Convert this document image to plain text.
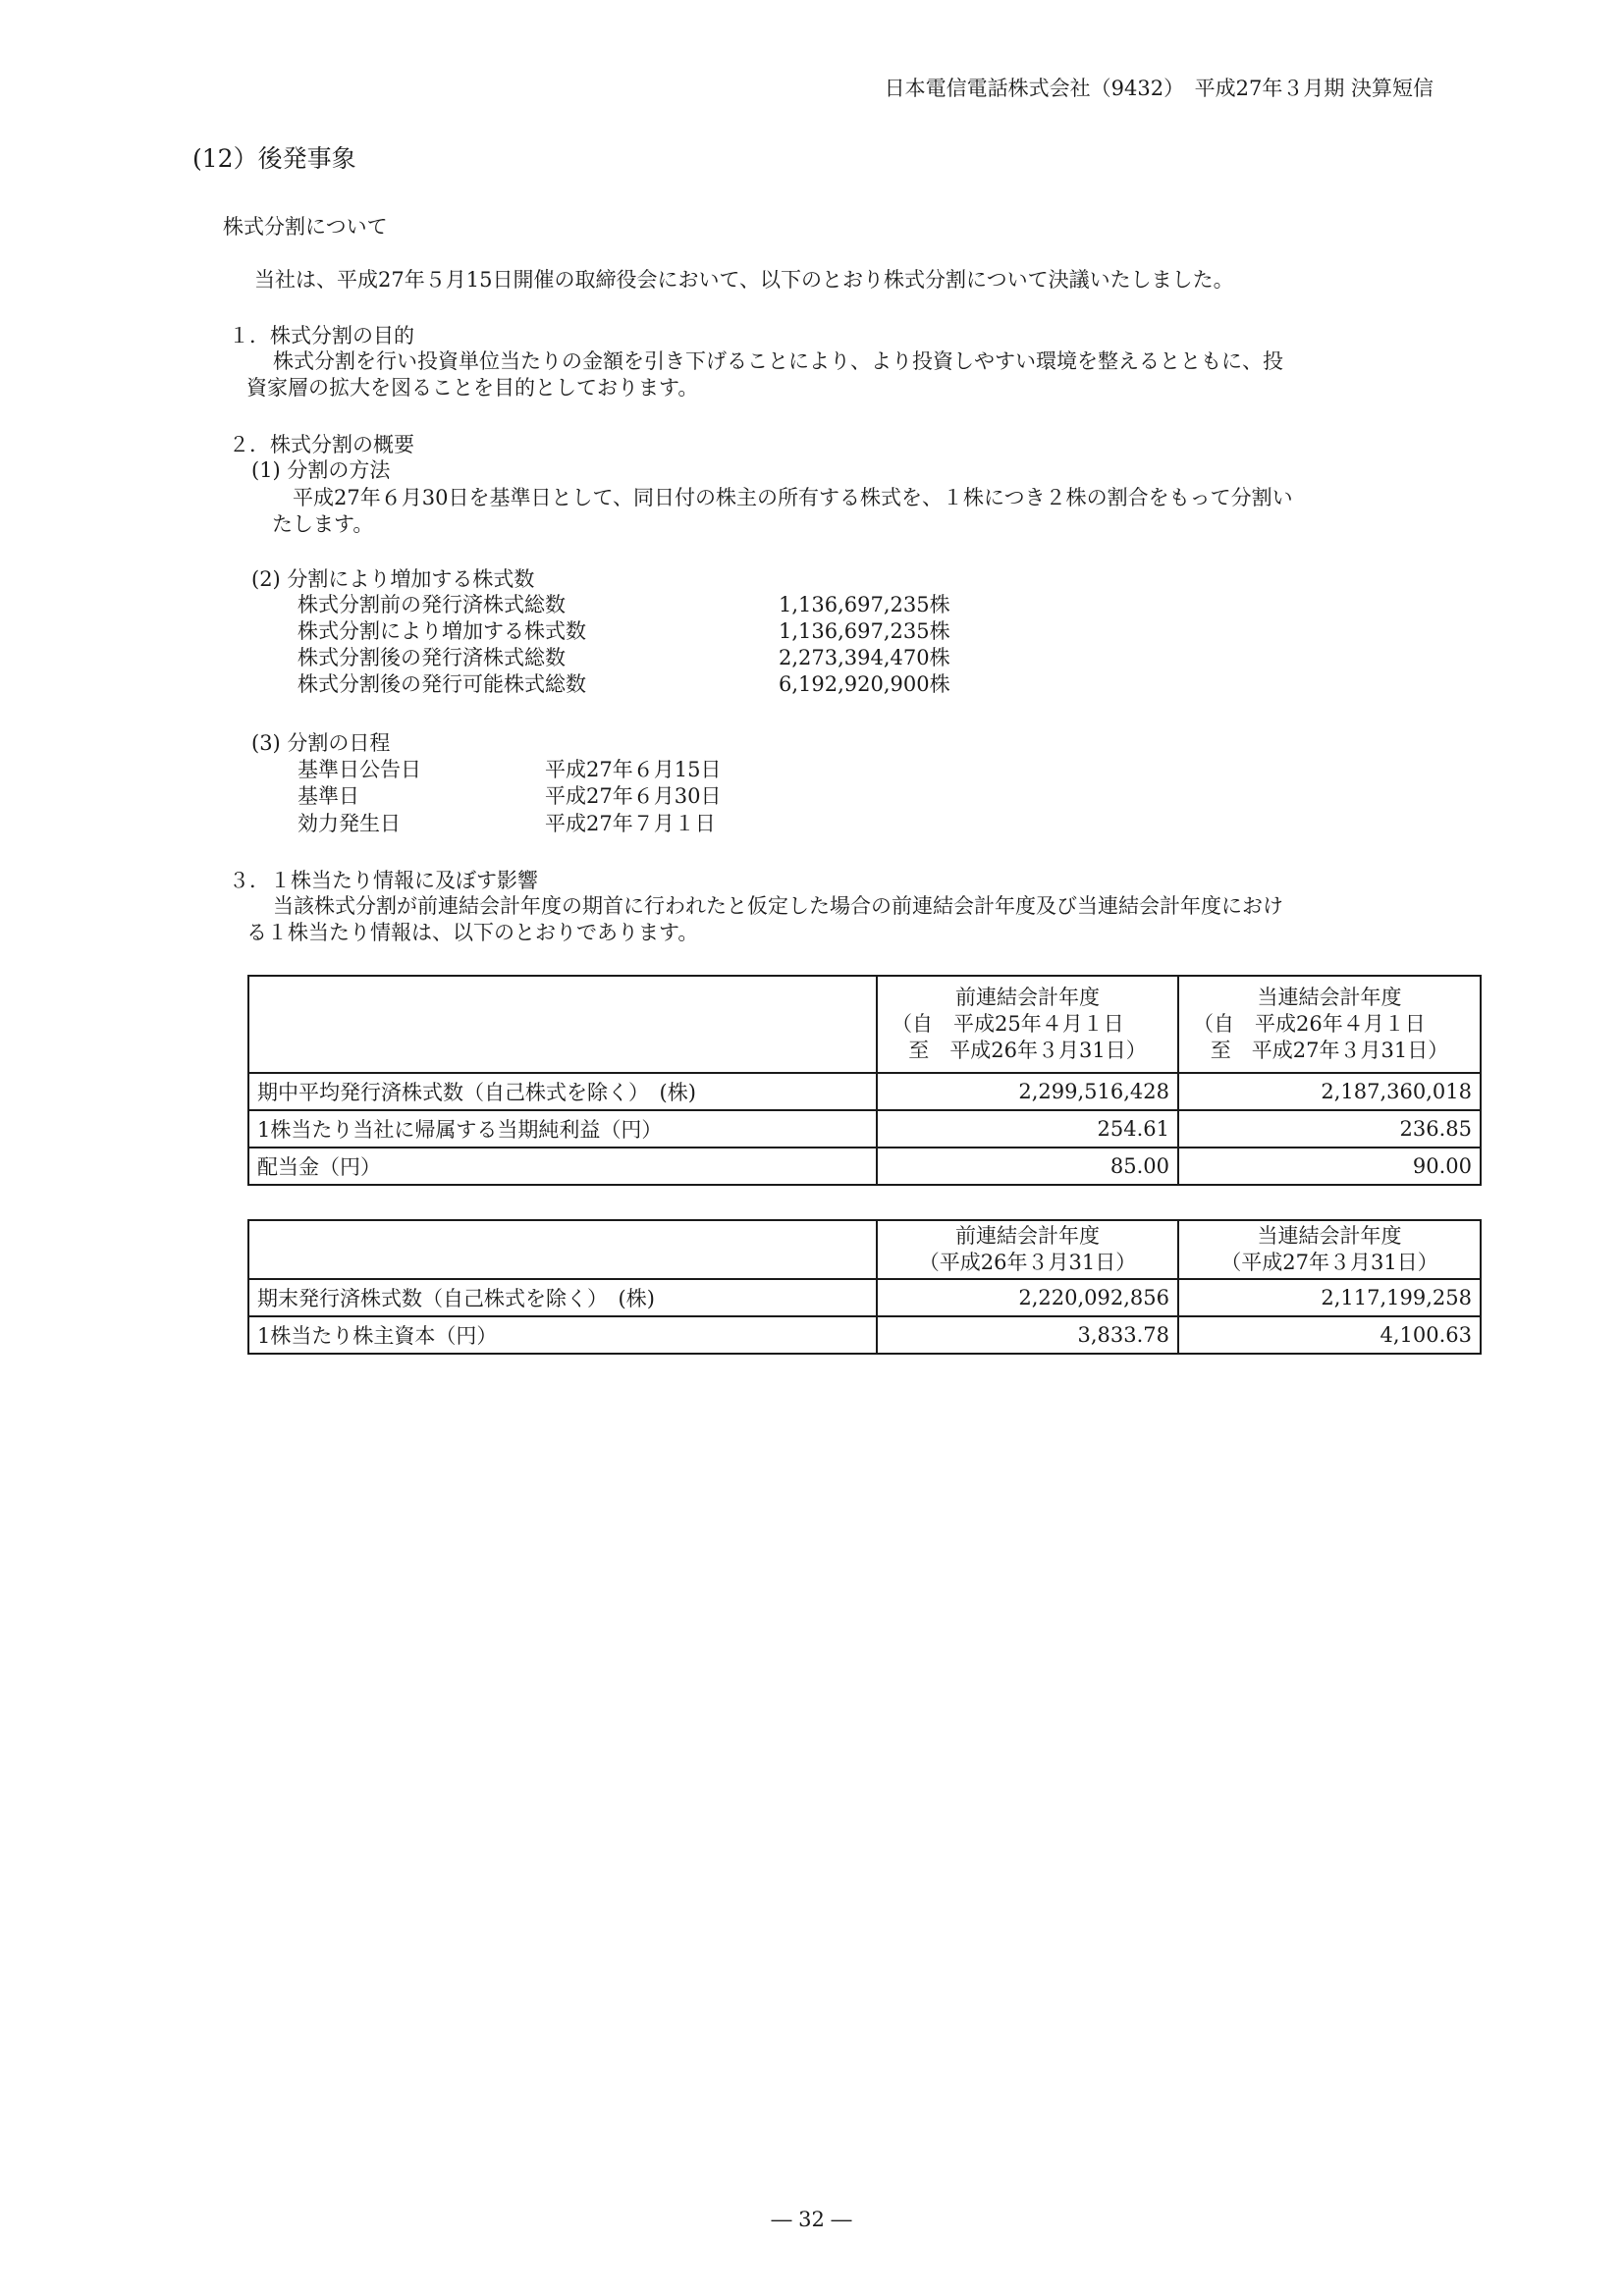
日本電信電話株式会社（9432）　平成27年３月期 決算短信
(12）後発事象
株式分割について
当社は、平成27年５月15日開催の取締役会において、以下のとおり株式分割について決議いたしました。
１．株式分割の目的
株式分割を行い投資単位当たりの金額を引き下げることにより、より投資しやすい環境を整えるとともに、投
資家層の拡大を図ることを目的としております。
２．株式分割の概要
(1) 分割の方法
平成27年６月30日を基準日として、同日付の株主の所有する株式を、１株につき２株の割合をもって分割い
たします。
(2) 分割により増加する株式数
株式分割前の発行済株式総数	1,136,697,235株
株式分割により増加する株式数	1,136,697,235株
株式分割後の発行済株式総数	2,273,394,470株
株式分割後の発行可能株式総数	6,192,920,900株
(3) 分割の日程
基準日公告日	平成27年６月15日
基準日	平成27年６月30日
効力発生日	平成27年７月１日
３．１株当たり情報に及ぼす影響
当該株式分割が前連結会計年度の期首に行われたと仮定した場合の前連結会計年度及び当連結会計年度におけ
る１株当たり情報は、以下のとおりであります。

	前連結会計年度
（自　平成25年４月１日
至　平成26年３月31日）	当連結会計年度
（自　平成26年４月１日
至　平成27年３月31日）

期中平均発行済株式数（自己株式を除く）　(株)	2,299,516,428	2,187,360,018
1株当たり当社に帰属する当期純利益（円）	254.61	236.85
配当金（円）	85.00	90.00

	前連結会計年度
（平成26年３月31日）	当連結会計年度
（平成27年３月31日）

期末発行済株式数（自己株式を除く）　(株)	2,220,092,856	2,117,199,258
1株当たり株主資本（円）	3,833.78	4,100.63
― 32 ―
